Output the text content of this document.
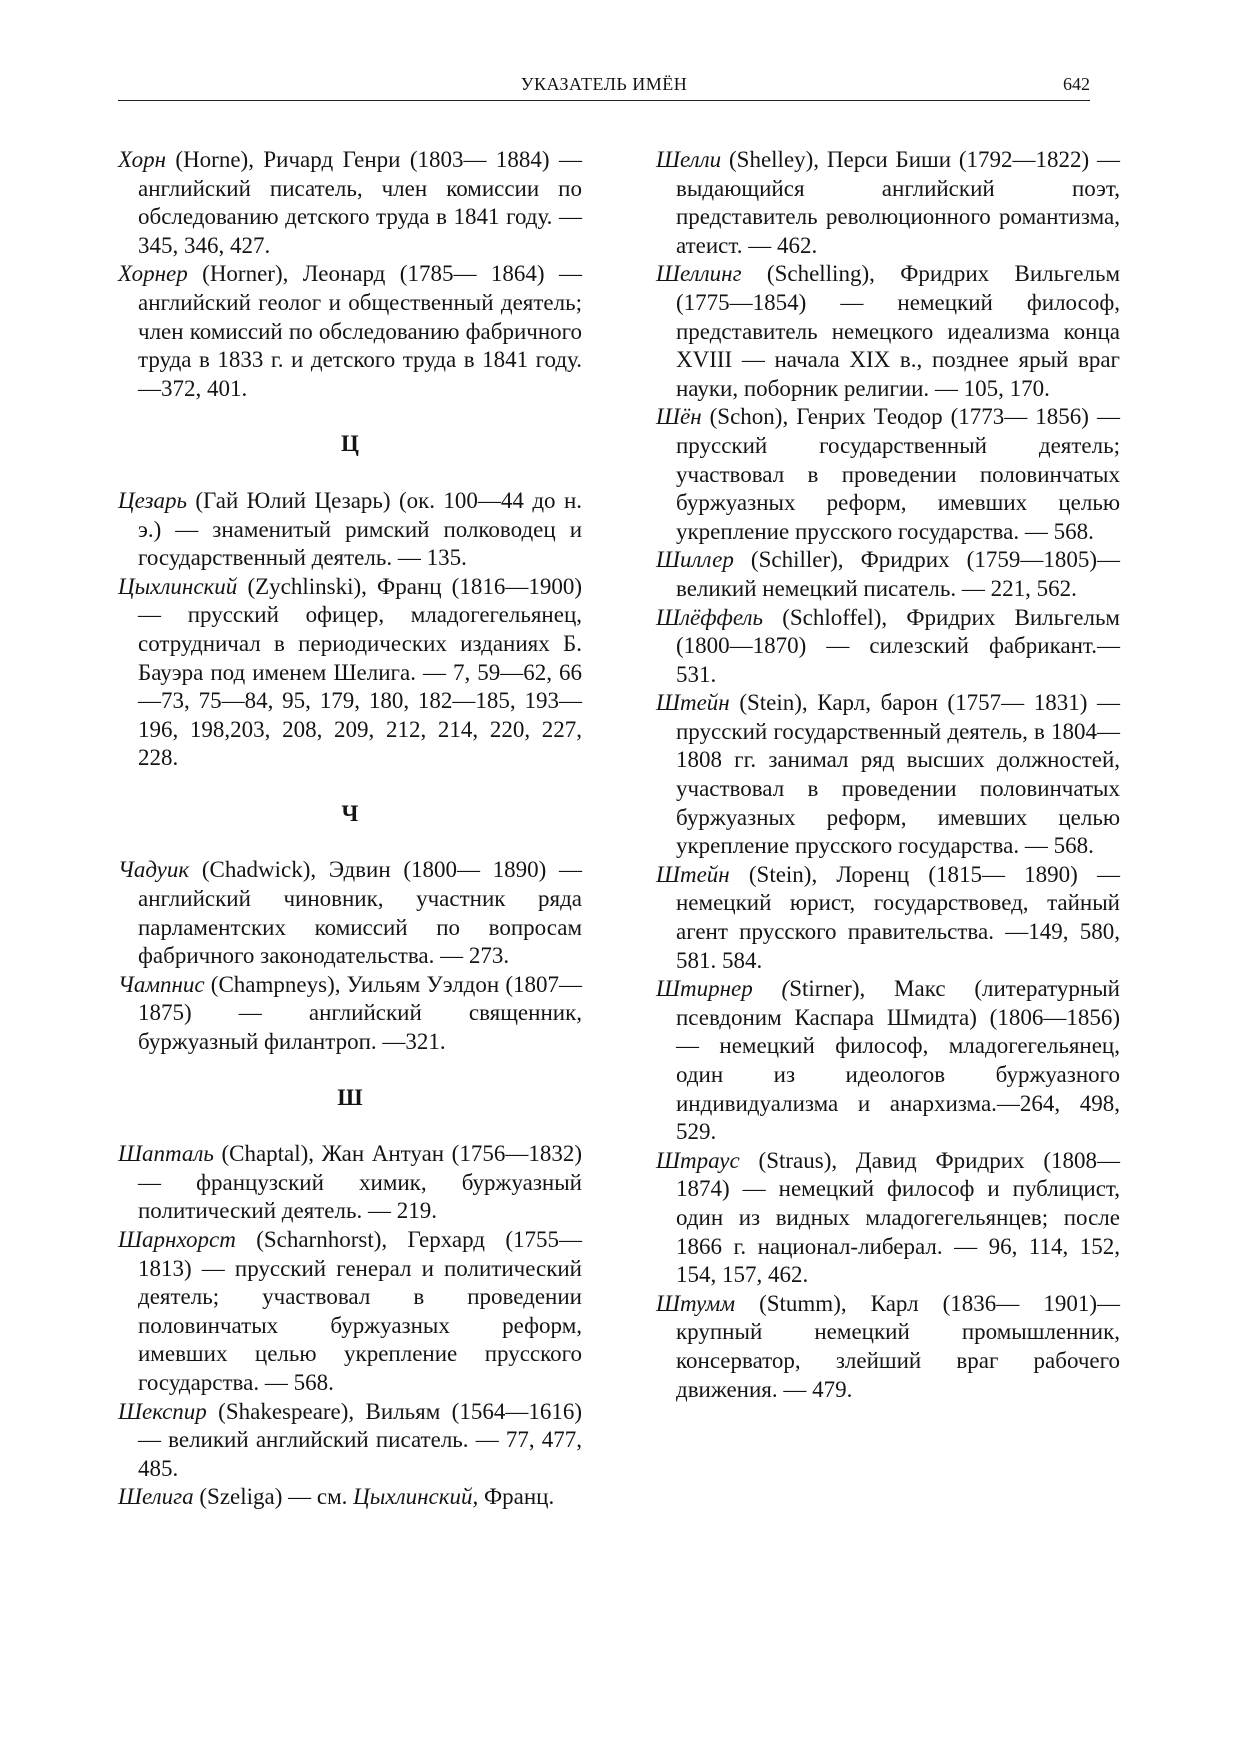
УКАЗАТЕЛЬ ИМЁН	642

Хорн (Horne), Ричард Генри (1803— 1884) — английский писатель, член комиссии по обследованию детского труда в 1841 году. — 345, 346, 427.

Хорнер (Horner), Леонард (1785— 1864) — английский геолог и общественный деятель; член комиссий по обследованию фабричного труда в 1833 г. и детского труда в 1841 году.—372, 401.

Ц

Цезарь (Гай Юлий Цезарь) (ок. 100—44 до н. э.) — знаменитый римский полководец и государственный деятель. — 135.

Цыхлинский (Zychlinski), Франц (1816—1900) — прусский офицер, младогегельянец, сотрудничал в периодических изданиях Б. Бауэра под именем Шелига. — 7, 59—62, 66—73, 75—84, 95, 179, 180, 182—185, 193—196, 198,203, 208, 209, 212, 214, 220, 227, 228.

Ч

Чадуик (Chadwick), Эдвин (1800— 1890) — английский чиновник, участник ряда парламентских комиссий по вопросам фабричного законодательства. — 273.

Чампнис (Champneys), Уильям Уэлдон (1807—1875) — английский священник, буржуазный филантроп. —321.

Ш

Шапталь (Chaptal), Жан Антуан (1756—1832) — французский химик, буржуазный политический деятель. — 219.

Шарнхорст (Scharnhorst), Герхард (1755—1813) — прусский генерал и политический деятель; участвовал в проведении половинчатых буржуазных реформ, имевших целью укрепление прусского государства. — 568.

Шекспир (Shakespeare), Вильям (1564—1616) — великий английский писатель. — 77, 477, 485.

Шелига (Szeliga) — см. Цыхлинский, Франц.

Шелли (Shelley), Перси Биши (1792—1822) — выдающийся английский поэт, представитель революционного романтизма, атеист. — 462.

Шеллинг (Schelling), Фридрих Вильгельм (1775—1854) — немецкий философ, представитель немецкого идеализма конца XVIII — начала XIX в., позднее ярый враг науки, поборник религии. — 105, 170.

Шён (Schon), Генрих Теодор (1773— 1856) — прусский государственный деятель; участвовал в проведении половинчатых буржуазных реформ, имевших целью укрепление прусского государства. — 568.

Шиллер (Schiller), Фридрих (1759—1805)—великий немецкий писатель. — 221, 562.

Шлёффель (Schloffel), Фридрих Вильгельм (1800—1870) — силезский фабрикант.— 531.

Штейн (Stein), Карл, барон (1757— 1831) — прусский государственный деятель, в 1804—1808 гг. занимал ряд высших должностей, участвовал в проведении половинчатых буржуазных реформ, имевших целью укрепление прусского государства. — 568.

Штейн (Stein), Лоренц (1815— 1890) — немецкий юрист, государствовед, тайный агент прусского правительства. —149, 580, 581. 584.

Штирнер (Stirner), Макс (литературный псевдоним Каспара Шмидта) (1806—1856) — немецкий философ, младогегельянец, один из идеологов буржуазного индивидуализма и анархизма.—264, 498, 529.

Штраус (Straus), Давид Фридрих (1808—1874) — немецкий философ и публицист, один из видных младогегельянцев; после 1866 г. национал-либерал. — 96, 114, 152, 154, 157, 462.

Штумм (Stumm), Карл (1836— 1901)— крупный немецкий промышленник, консерватор, злейший враг рабочего движения. — 479.
